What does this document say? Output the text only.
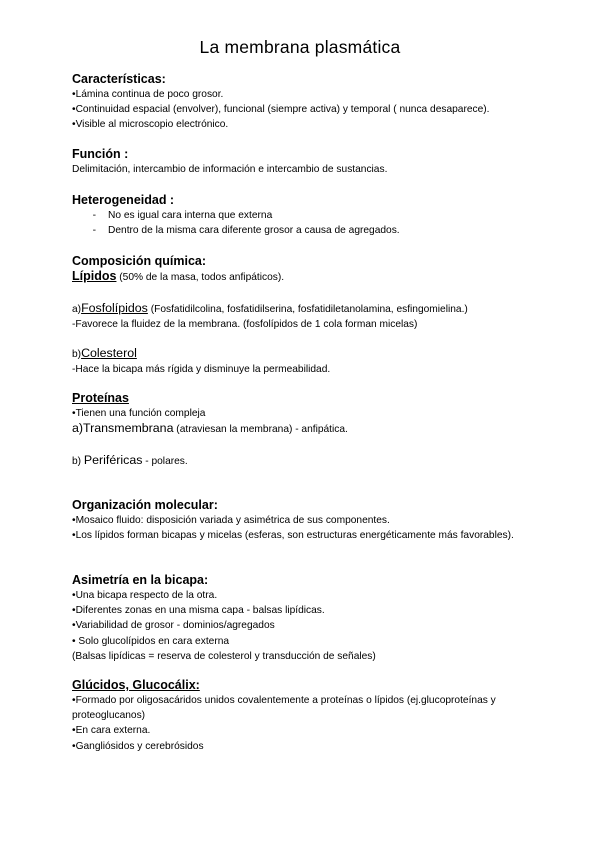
La membrana plasmática
Características:
•Lámina continua de poco grosor.
•Continuidad espacial (envolver), funcional (siempre activa) y temporal ( nunca desaparece).
•Visible al microscopio electrónico.
Función :
Delimitación, intercambio de información e intercambio de sustancias.
Heterogeneidad :
- No es igual cara interna que externa
- Dentro de la misma cara diferente grosor a causa de agregados.
Composición química:
Lípidos (50% de la masa, todos anfipáticos).
a)Fosfolípidos (Fosfatidilcolina, fosfatidilserina, fosfatidiletanolamina, esfingomielina.)
-Favorece la fluidez de la membrana. (fosfolípidos de 1 cola forman micelas)
b)Colesterol
-Hace la bicapa más rígida y disminuye la permeabilidad.
Proteínas
•Tienen una función compleja
a)Transmembrana (atraviesan la membrana) - anfipática.
b) Periféricas - polares.
Organización molecular:
•Mosaico fluido: disposición variada y asimétrica de sus componentes.
•Los lípidos forman bicapas y micelas (esferas, son estructuras energéticamente más favorables).
Asimetría en la bicapa:
•Una bicapa respecto de la otra.
•Diferentes zonas en una misma capa - balsas lipídicas.
•Variabilidad de grosor - dominios/agregados
• Solo glucolípidos en cara externa
(Balsas lipídicas = reserva de colesterol y transducción de señales)
Glúcidos, Glucocálix:
•Formado por oligosacáridos unidos covalentemente a proteínas o lípidos (ej.glucoproteínas y proteoglucanos)
•En cara externa.
•Gangliósidos y cerebrósidos
